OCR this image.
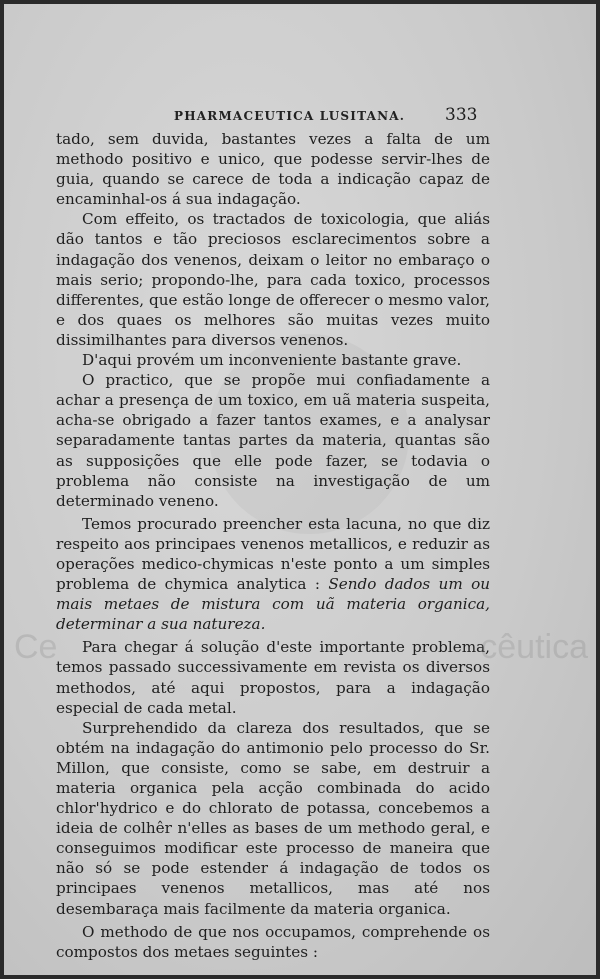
PHARMACEUTICA LUSITANA. 333

tado, sem duvida, bastantes vezes a falta de um methodo positivo e unico, que podesse servir-lhes de guia, quando se carece de toda a indicação capaz de encaminhal-os á sua indagação.

Com effeito, os tractados de toxicologia, que aliás dão tantos e tão preciosos esclarecimentos sobre a indagação dos venenos, deixam o leitor no embaraço o mais serio; propondo-lhe, para cada toxico, processos differentes, que estão longe de offerecer o mesmo valor, e dos quaes os melhores são muitas vezes muito dissimilhantes para diversos venenos.

D'aqui provém um inconveniente bastante grave.

O practico, que se propõe mui confiadamente a achar a presença de um toxico, em uã materia suspeita, acha-se obrigado a fazer tantos exames, e a analysar separadamente tantas partes da materia, quantas são as supposições que elle pode fazer, se todavia o problema não consiste na investigação de um determinado veneno.

Temos procurado preencher esta lacuna, no que diz respeito aos principaes venenos metallicos, e reduzir as operações medico-chymicas n'este ponto a um simples problema de chymica analytica : Sendo dados um ou mais metaes de mistura com uã materia organica, determinar a sua natureza.

Para chegar á solução d'este importante problema, temos passado successivamente em revista os diversos methodos, até aqui propostos, para a indagação especial de cada metal.

Surprehendido da clareza dos resultados, que se obtém na indagação do antimonio pelo processo do Sr. Millon, que consiste, como se sabe, em destruir a materia organica pela acção combinada do acido chlor'hydrico e do chlorato de potassa, concebemos a ideia de colhêr n'elles as bases de um methodo geral, e conseguimos modificar este processo de maneira que não só se pode estender á indagação de todos os principaes venenos metallicos, mas até nos desembaraça mais facilmente da materia organica.

O methodo de que nos occupamos, comprehende os compostos dos metaes seguintes :

Ce	cêutica
